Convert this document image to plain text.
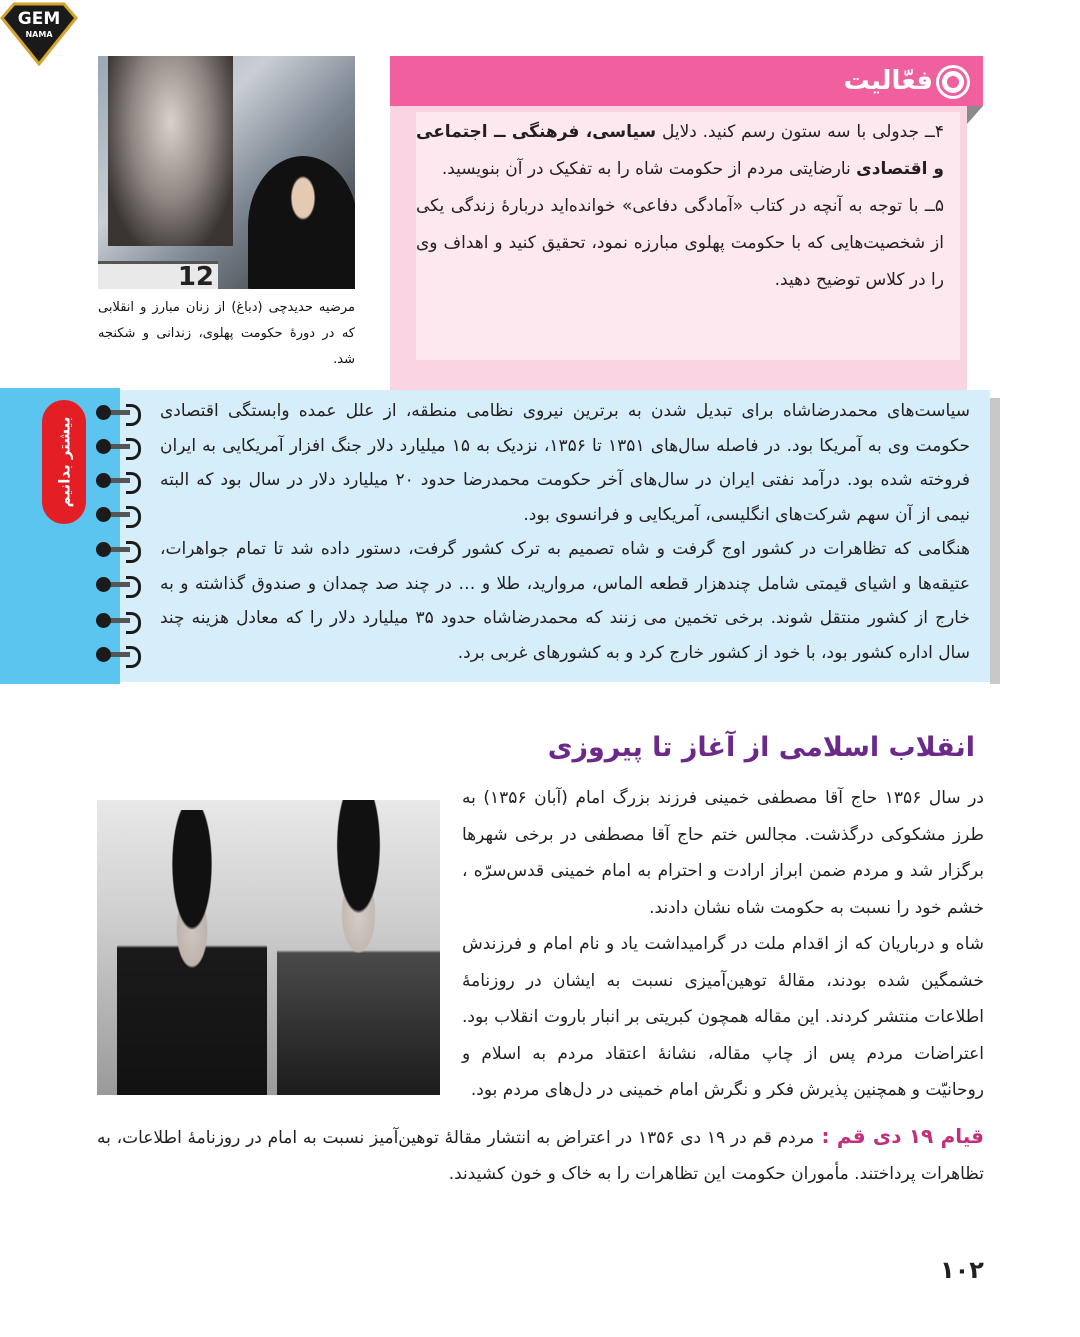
GEM
NAMA
12
مرضیه حدیدچی (دباغ) از زنان مبارز و انقلابی که در دورهٔ حکومت پهلوی، زندانی و شکنجه شد.
فعّالیت
۴ــ جدولی با سه ستون رسم کنید. دلایل سیاسی، فرهنگی ــ اجتماعی و اقتصادی نارضایتی مردم از حکومت شاه را به تفکیک در آن بنویسید.
۵ــ با توجه به آنچه در کتاب «آمادگی دفاعی» خوانده‌اید دربارهٔ زندگی یکی از شخصیت‌هایی که با حکومت پهلوی مبارزه نمود، تحقیق کنید و اهداف وی را در کلاس توضیح دهید.
بیشتر بدانیم

سیاست‌های محمدرضاشاه برای تبدیل شدن به برترین نیروی نظامی منطقه، از علل عمده وابستگی اقتصادی حکومت وی به آمریکا بود. در فاصله سال‌های ۱۳۵۱ تا ۱۳۵۶، نزدیک به ۱۵ میلیارد دلار جنگ افزار آمریکایی به ایران فروخته شده بود. درآمد نفتی ایران در سال‌های آخر حکومت محمدرضا حدود ۲۰ میلیارد دلار در سال بود که البته نیمی از آن سهم شرکت‌های انگلیسی، آمریکایی و فرانسوی بود.

هنگامی که تظاهرات در کشور اوج گرفت و شاه تصمیم به ترک کشور گرفت، دستور داده شد تا تمام جواهرات، عتیقه‌ها و اشیای قیمتی شامل چندهزار قطعه الماس، مروارید، طلا و … در چند صد چمدان و صندوق گذاشته و به خارج از کشور منتقل شوند. برخی تخمین می زنند که محمدرضاشاه حدود ۳۵ میلیارد دلار را که معادل هزینه چند سال اداره کشور بود، با خود از کشور خارج کرد و به کشورهای غربی برد.

انقلاب اسلامی از آغاز تا پیروزی

در سال ۱۳۵۶ حاج آقا مصطفی خمینی فرزند بزرگ امام (آبان ۱۳۵۶) به طرز مشکوکی درگذشت. مجالس ختم حاج آقا مصطفی در برخی شهرها برگزار شد و مردم ضمن ابراز ارادت و احترام به امام خمینی قدس‌سرّه ، خشم خود را نسبت به حکومت شاه نشان دادند.

شاه و درباریان که از اقدام ملت در گرامیداشت یاد و نام امام و فرزندش خشمگین شده بودند، مقالهٔ توهین‌آمیزی نسبت به ایشان در روزنامهٔ اطلاعات منتشر کردند. این مقاله همچون کبریتی بر انبار باروت انقلاب بود. اعتراضات مردم پس از چاپ مقاله، نشانهٔ اعتقاد مردم به اسلام و روحانیّت و همچنین پذیرش فکر و نگرش امام خمینی در دل‌های مردم بود.

قیام ۱۹ دی قم : مردم قم در ۱۹ دی ۱۳۵۶ در اعتراض به انتشار مقالهٔ توهین‌آمیز نسبت به امام در روزنامهٔ اطلاعات، به تظاهرات پرداختند. مأموران حکومت این تظاهرات را به خاک و خون کشیدند.
۱۰۲
